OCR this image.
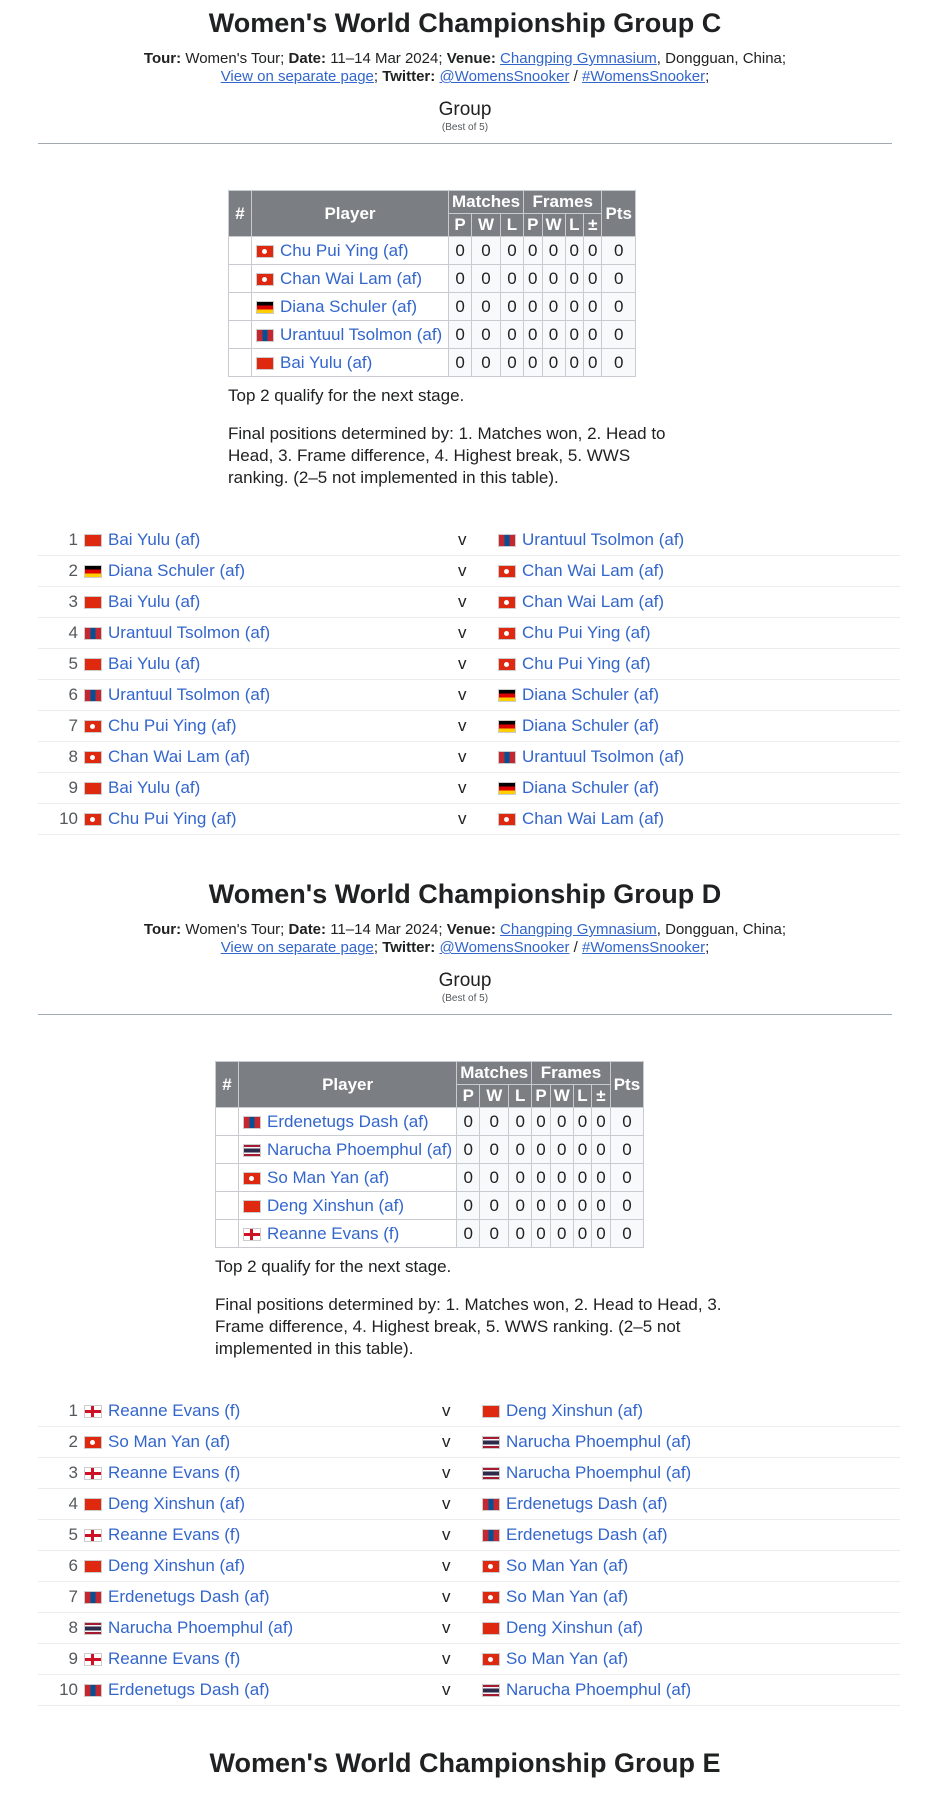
Women's World Championship Group C
Tour: Women's Tour; Date: 11–14 Mar 2024; Venue: Changping Gymnasium, Dongguan, China;
View on separate page; Twitter: @WomensSnooker / #WomensSnooker;
Group
(Best of 5)
#	Player	Matches			Frames				Pts
		P	W	L	P	W	L	±	
	Chu Pui Ying (af)	0	0	0	0	0	0	0	0
	Chan Wai Lam (af)	0	0	0	0	0	0	0	0
	Diana Schuler (af)	0	0	0	0	0	0	0	0
	Urantuul Tsolmon (af)	0	0	0	0	0	0	0	0
	Bai Yulu (af)	0	0	0	0	0	0	0	0

Top 2 qualify for the next stage.

Final positions determined by: 1. Matches won, 2. Head to Head, 3. Frame difference, 4. Highest break, 5. WWS ranking. (2–5 not implemented in this table).

1	Bai Yulu (af)	v	Urantuul Tsolmon (af)
2	Diana Schuler (af)	v	Chan Wai Lam (af)
3	Bai Yulu (af)	v	Chan Wai Lam (af)
4	Urantuul Tsolmon (af)	v	Chu Pui Ying (af)
5	Bai Yulu (af)	v	Chu Pui Ying (af)
6	Urantuul Tsolmon (af)	v	Diana Schuler (af)
7	Chu Pui Ying (af)	v	Diana Schuler (af)
8	Chan Wai Lam (af)	v	Urantuul Tsolmon (af)
9	Bai Yulu (af)	v	Diana Schuler (af)
10	Chu Pui Ying (af)	v	Chan Wai Lam (af)
Women's World Championship Group D
Tour: Women's Tour; Date: 11–14 Mar 2024; Venue: Changping Gymnasium, Dongguan, China;
View on separate page; Twitter: @WomensSnooker / #WomensSnooker;
Group
(Best of 5)
#	Player	Matches			Frames				Pts
		P	W	L	P	W	L	±	
	Erdenetugs Dash (af)	0	0	0	0	0	0	0	0
	Narucha Phoemphul (af)	0	0	0	0	0	0	0	0
	So Man Yan (af)	0	0	0	0	0	0	0	0
	Deng Xinshun (af)	0	0	0	0	0	0	0	0
	Reanne Evans (f)	0	0	0	0	0	0	0	0

Top 2 qualify for the next stage.

Final positions determined by: 1. Matches won, 2. Head to Head, 3. Frame difference, 4. Highest break, 5. WWS ranking. (2–5 not implemented in this table).

1	Reanne Evans (f)	v	Deng Xinshun (af)
2	So Man Yan (af)	v	Narucha Phoemphul (af)
3	Reanne Evans (f)	v	Narucha Phoemphul (af)
4	Deng Xinshun (af)	v	Erdenetugs Dash (af)
5	Reanne Evans (f)	v	Erdenetugs Dash (af)
6	Deng Xinshun (af)	v	So Man Yan (af)
7	Erdenetugs Dash (af)	v	So Man Yan (af)
8	Narucha Phoemphul (af)	v	Deng Xinshun (af)
9	Reanne Evans (f)	v	So Man Yan (af)
10	Erdenetugs Dash (af)	v	Narucha Phoemphul (af)
Women's World Championship Group E
